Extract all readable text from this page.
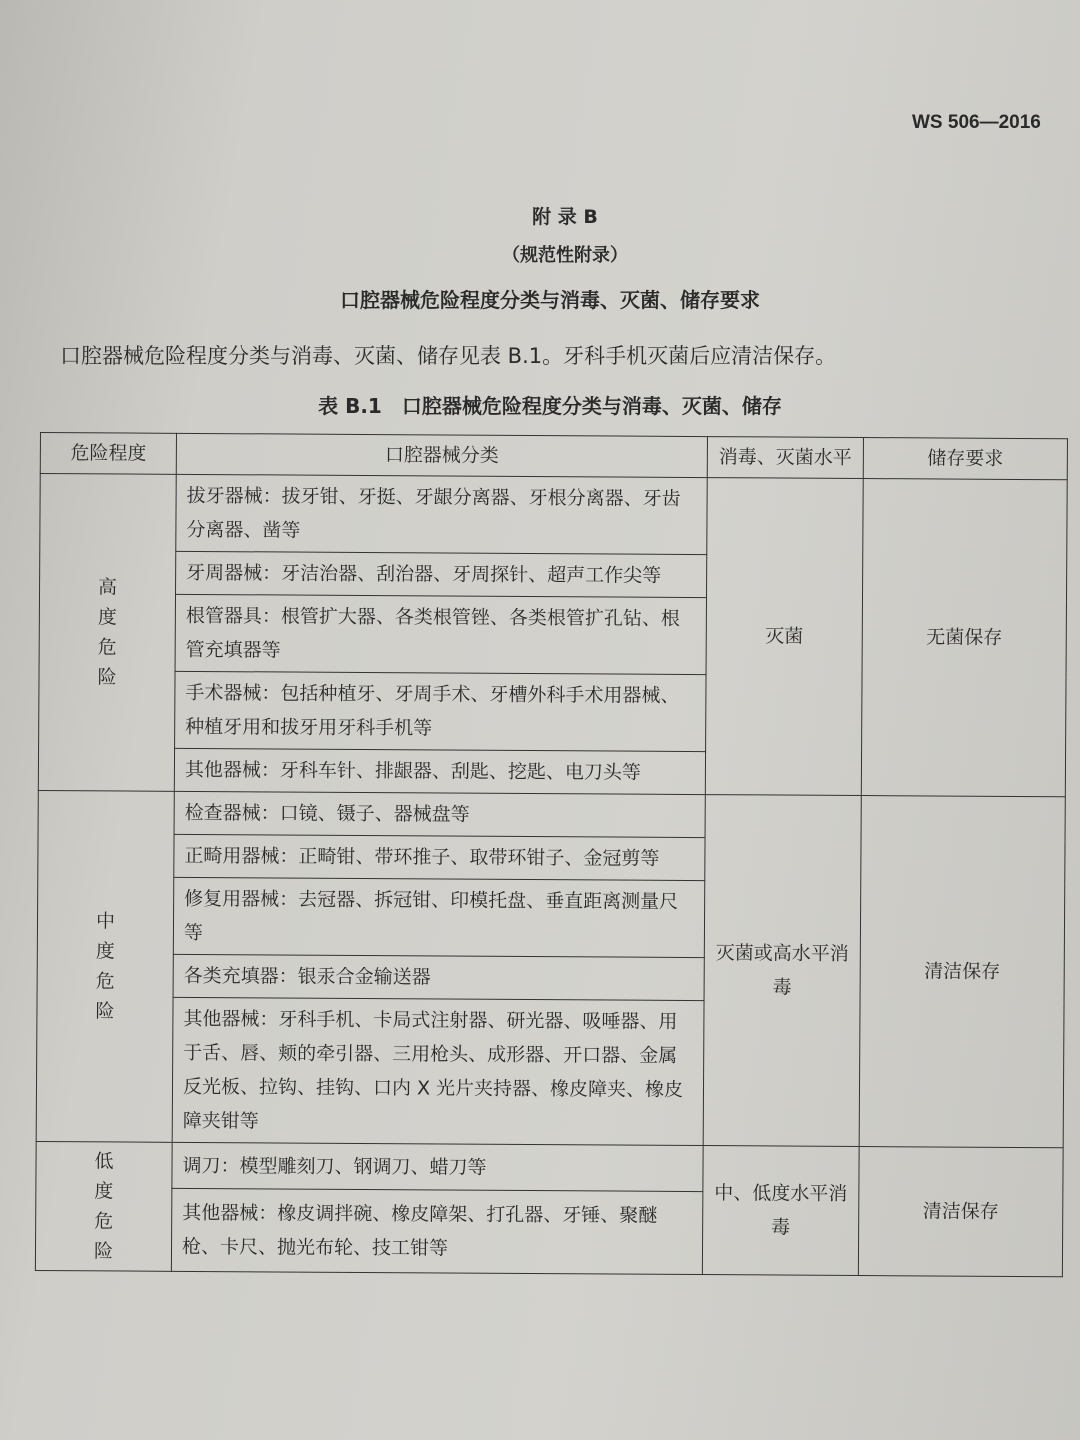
WS 506—2016
附 录 B
（规范性附录）
口腔器械危险程度分类与消毒、灭菌、储存要求
口腔器械危险程度分类与消毒、灭菌、储存见表 B.1。牙科手机灭菌后应清洁保存。
表 B.1　口腔器械危险程度分类与消毒、灭菌、储存
危险程度	口腔器械分类	消毒、灭菌水平	储存要求
高度危险	拔牙器械：拔牙钳、牙挺、牙龈分离器、牙根分离器、牙齿分离器、凿等	灭菌	无菌保存
	牙周器械：牙洁治器、刮治器、牙周探针、超声工作尖等		
	根管器具：根管扩大器、各类根管锉、各类根管扩孔钻、根管充填器等		
	手术器械：包括种植牙、牙周手术、牙槽外科手术用器械、种植牙用和拔牙用牙科手机等		
	其他器械：牙科车针、排龈器、刮匙、挖匙、电刀头等		
中度危险	检查器械：口镜、镊子、器械盘等	灭菌或高水平消毒	清洁保存
	正畸用器械：正畸钳、带环推子、取带环钳子、金冠剪等		
	修复用器械：去冠器、拆冠钳、印模托盘、垂直距离测量尺等		
	各类充填器：银汞合金输送器		
	其他器械：牙科手机、卡局式注射器、研光器、吸唾器、用于舌、唇、颊的牵引器、三用枪头、成形器、开口器、金属反光板、拉钩、挂钩、口内 X 光片夹持器、橡皮障夹、橡皮障夹钳等		
低度危险	调刀：模型雕刻刀、钢调刀、蜡刀等	中、低度水平消毒	清洁保存
	其他器械：橡皮调拌碗、橡皮障架、打孔器、牙锤、聚醚枪、卡尺、抛光布轮、技工钳等		
